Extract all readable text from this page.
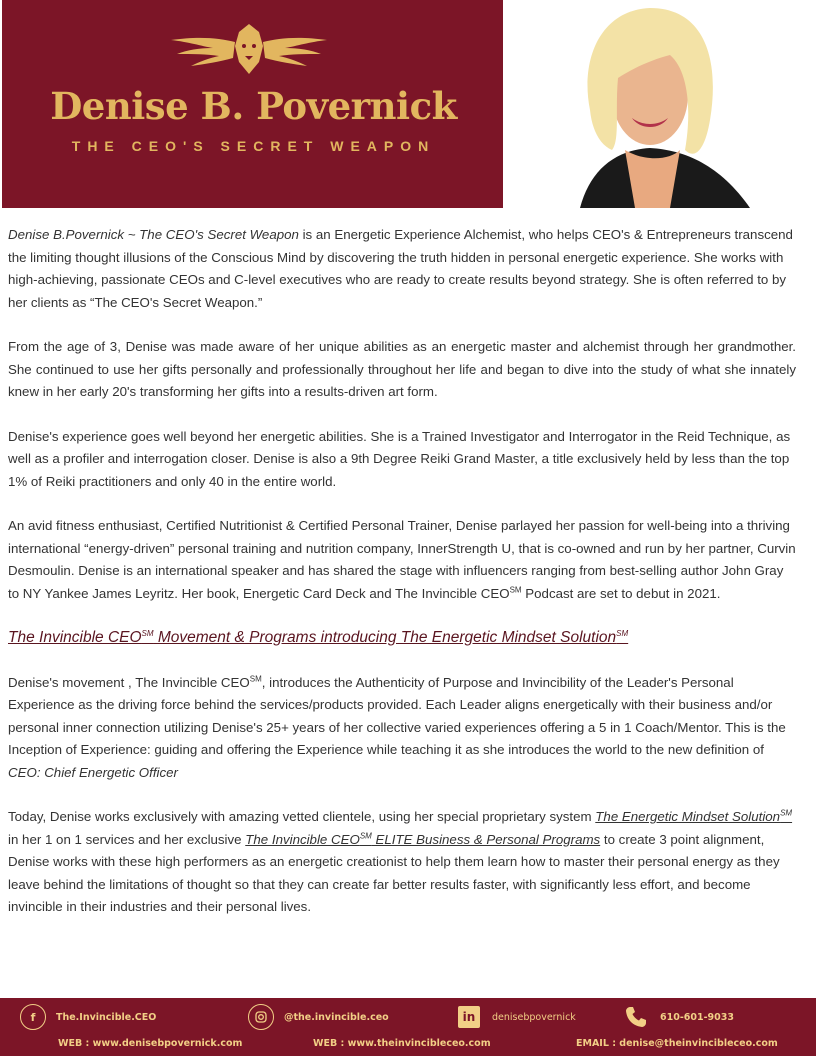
Denise B. Povernick
THE CEO'S SECRET WEAPON

Denise B.Povernick ~ The CEO's Secret Weapon is an Energetic Experience Alchemist, who helps CEO's & Entrepreneurs transcend the limiting thought illusions of the Conscious Mind by discovering the truth hidden in personal energetic experience. She works with high-achieving, passionate CEOs and C-level executives who are ready to create results beyond strategy. She is often referred to by her clients as “The CEO's Secret Weapon.”

From the age of 3, Denise was made aware of her unique abilities as an energetic master and alchemist through her grandmother. She continued to use her gifts personally and professionally throughout her life and began to dive into the study of what she innately knew in her early 20's transforming her gifts into a results-driven art form.

Denise's experience goes well beyond her energetic abilities. She is a Trained Investigator and Interrogator in the Reid Technique, as well as a profiler and interrogation closer. Denise is also a 9th Degree Reiki Grand Master, a title exclusively held by less than the top 1% of Reiki practitioners and only 40 in the entire world.

An avid fitness enthusiast, Certified Nutritionist & Certified Personal Trainer, Denise parlayed her passion for well-being into a thriving international “energy-driven” personal training and nutrition company, InnerStrength U, that is co-owned and run by her partner, Curvin Desmoulin. Denise is an international speaker and has shared the stage with influencers ranging from best-selling author John Gray to NY Yankee James Leyritz. Her book, Energetic Card Deck and The Invincible CEO℠ Podcast are set to debut in 2021.

The Invincible CEO℠ Movement & Programs introducing The Energetic Mindset Solution℠

Denise's movement , The Invincible CEO℠, introduces the Authenticity of Purpose and Invincibility of the Leader's Personal Experience as the driving force behind the services/products provided. Each Leader aligns energetically with their business and/or personal inner connection utilizing Denise's 25+ years of her collective varied experiences offering a 5 in 1 Coach/Mentor. This is the Inception of Experience: guiding and offering the Experience while teaching it as she introduces the world to the new definition of CEO: Chief Energetic Officer

Today, Denise works exclusively with amazing vetted clientele, using her special proprietary system The Energetic Mindset Solution℠ in her 1 on 1 services and her exclusive The Invincible CEO℠ ELITE Business & Personal Programs to create 3 point alignment, Denise works with these high performers as an energetic creationist to help them learn how to master their personal energy as they leave behind the limitations of thought so that they can create far better results faster, with significantly less effort, and become invincible in their industries and their personal lives.

f	The.Invincible.CEO	@the.invincible.ceo	in	denisebpovernick	610-601-9033
WEB : www.denisebpovernick.com	WEB : www.theinvincibleceo.com	EMAIL : denise@theinvincibleceo.com
